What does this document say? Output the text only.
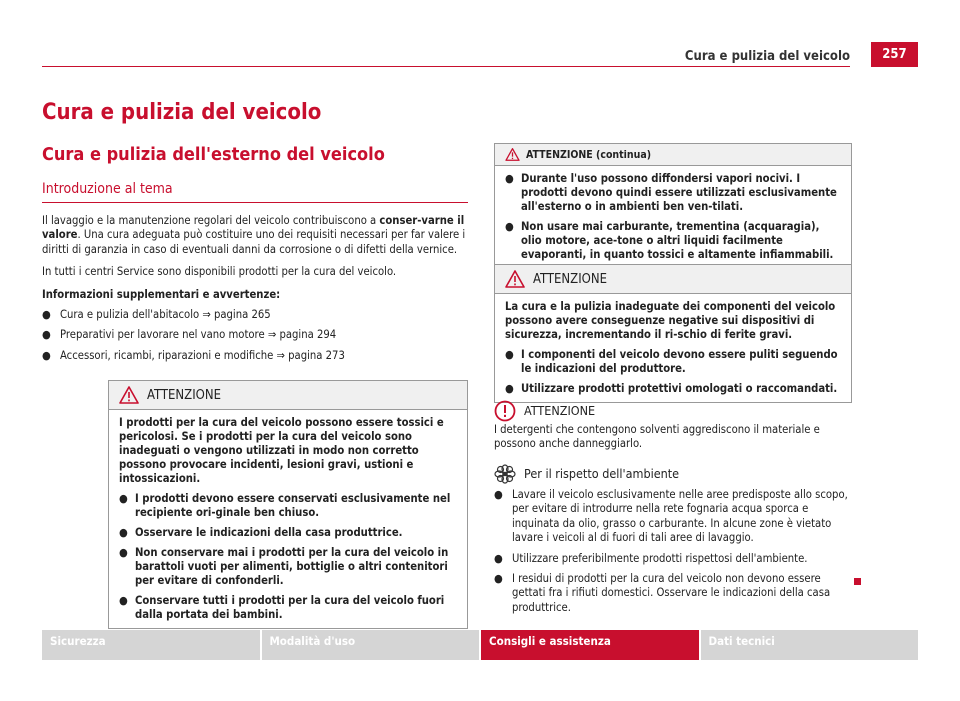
Cura e pulizia del veicolo	257
Cura e pulizia del veicolo
Cura e pulizia dell'esterno del veicolo
Introduzione al tema

Il lavaggio e la manutenzione regolari del veicolo contribuiscono a conser-varne il valore. Una cura adeguata può costituire uno dei requisiti necessari per far valere i diritti di garanzia in caso di eventuali danni da corrosione o di difetti della vernice.

In tutti i centri Service sono disponibili prodotti per la cura del veicolo.

Informazioni supplementari e avvertenze:

● Cura e pulizia dell'abitacolo ⇒ pagina 265
● Preparativi per lavorare nel vano motore ⇒ pagina 294
● Accessori, ricambi, riparazioni e modifiche ⇒ pagina 273
ATTENZIONE

I prodotti per la cura del veicolo possono essere tossici e pericolosi. Se i prodotti per la cura del veicolo sono inadeguati o vengono utilizzati in modo non corretto possono provocare incidenti, lesioni gravi, ustioni e intossicazioni.

● I prodotti devono essere conservati esclusivamente nel recipiente ori-ginale ben chiuso.
● Osservare le indicazioni della casa produttrice.
● Non conservare mai i prodotti per la cura del veicolo in barattoli vuoti per alimenti, bottiglie o altri contenitori per evitare di confonderli.
● Conservare tutti i prodotti per la cura del veicolo fuori dalla portata dei bambini.
ATTENZIONE (continua)
● Durante l'uso possono diffondersi vapori nocivi. I prodotti devono quindi essere utilizzati esclusivamente all'esterno o in ambienti ben ven-tilati.
● Non usare mai carburante, trementina (acquaragia), olio motore, ace-tone o altri liquidi facilmente evaporanti, in quanto tossici e altamente infiammabili.
ATTENZIONE

La cura e la pulizia inadeguate dei componenti del veicolo possono avere conseguenze negative sui dispositivi di sicurezza, incrementando il ri-schio di ferite gravi.

● I componenti del veicolo devono essere puliti seguendo le indicazioni del produttore.
● Utilizzare prodotti protettivi omologati o raccomandati.
ATTENZIONE

I detergenti che contengono solventi aggrediscono il materiale e possono anche danneggiarlo.

Per il rispetto dell'ambiente
● Lavare il veicolo esclusivamente nelle aree predisposte allo scopo, per evitare di introdurre nella rete fognaria acqua sporca e inquinata da olio, grasso o carburante. In alcune zone è vietato lavare i veicoli al di fuori di tali aree di lavaggio.
● Utilizzare preferibilmente prodotti rispettosi dell'ambiente.
● I residui di prodotti per la cura del veicolo non devono essere gettati fra i rifiuti domestici. Osservare le indicazioni della casa produttrice.
Sicurezza	Modalità d'uso	Consigli e assistenza	Dati tecnici
